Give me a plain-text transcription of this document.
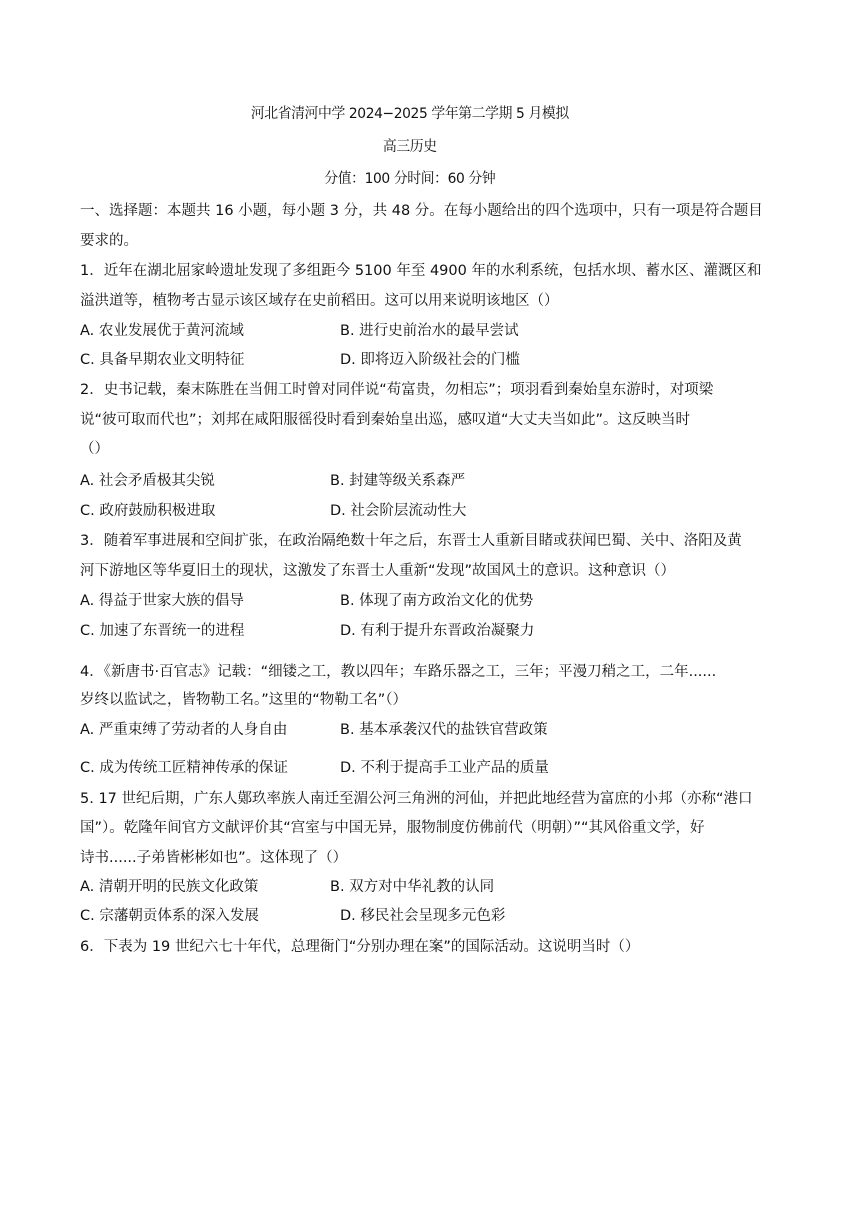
河北省清河中学 2024−2025 学年第二学期 5 月模拟
高三历史
分值：100 分时间：60 分钟
一、选择题：本题共 16 小题，每小题 3 分，共 48 分。在每小题给出的四个选项中，只有一项是符合题目
要求的。
1．近年在湖北屈家岭遗址发现了多组距今 5100 年至 4900 年的水利系统，包括水坝、蓄水区、灌溉区和
溢洪道等，植物考古显示该区域存在史前稻田。这可以用来说明该地区（）
A. 农业发展优于黄河流域	B. 进行史前治水的最早尝试
C. 具备早期农业文明特征	D. 即将迈入阶级社会的门槛
2．史书记载，秦末陈胜在当佣工时曾对同伴说“苟富贵，勿相忘”；项羽看到秦始皇东游时，对项梁
说“彼可取而代也”；刘邦在咸阳服徭役时看到秦始皇出巡，感叹道“大丈夫当如此”。这反映当时
（）
A. 社会矛盾极其尖锐	B. 封建等级关系森严
C. 政府鼓励积极进取	D. 社会阶层流动性大
3．随着军事进展和空间扩张，在政治隔绝数十年之后，东晋士人重新目睹或获闻巴蜀、关中、洛阳及黄
河下游地区等华夏旧土的现状，这激发了东晋士人重新“发现”故国风土的意识。这种意识（）
A. 得益于世家大族的倡导	B. 体现了南方政治文化的优势
C. 加速了东晋统一的进程	D. 有利于提升东晋政治凝聚力
4．《新唐书·百官志》记载：“细镂之工，教以四年；车路乐器之工，三年；平漫刀稍之工，二年......
岁终以监试之，皆物勒工名。”这里的“物勒工名”（）
A. 严重束缚了劳动者的人身自由	B. 基本承袭汉代的盐铁官营政策
C. 成为传统工匠精神传承的保证	D. 不利于提高手工业产品的质量
5. 17 世纪后期，广东人鄚玖率族人南迁至湄公河三角洲的河仙，并把此地经营为富庶的小邦（亦称“港口
国”）。乾隆年间官方文献评价其“宫室与中国无异，服物制度仿佛前代（明朝）”“其风俗重文学，好
诗书......子弟皆彬彬如也”。这体现了（）
A. 清朝开明的民族文化政策	B. 双方对中华礼教的认同
C. 宗藩朝贡体系的深入发展	D. 移民社会呈现多元色彩
6．下表为 19 世纪六七十年代，总理衙门“分别办理在案”的国际活动。这说明当时（）
